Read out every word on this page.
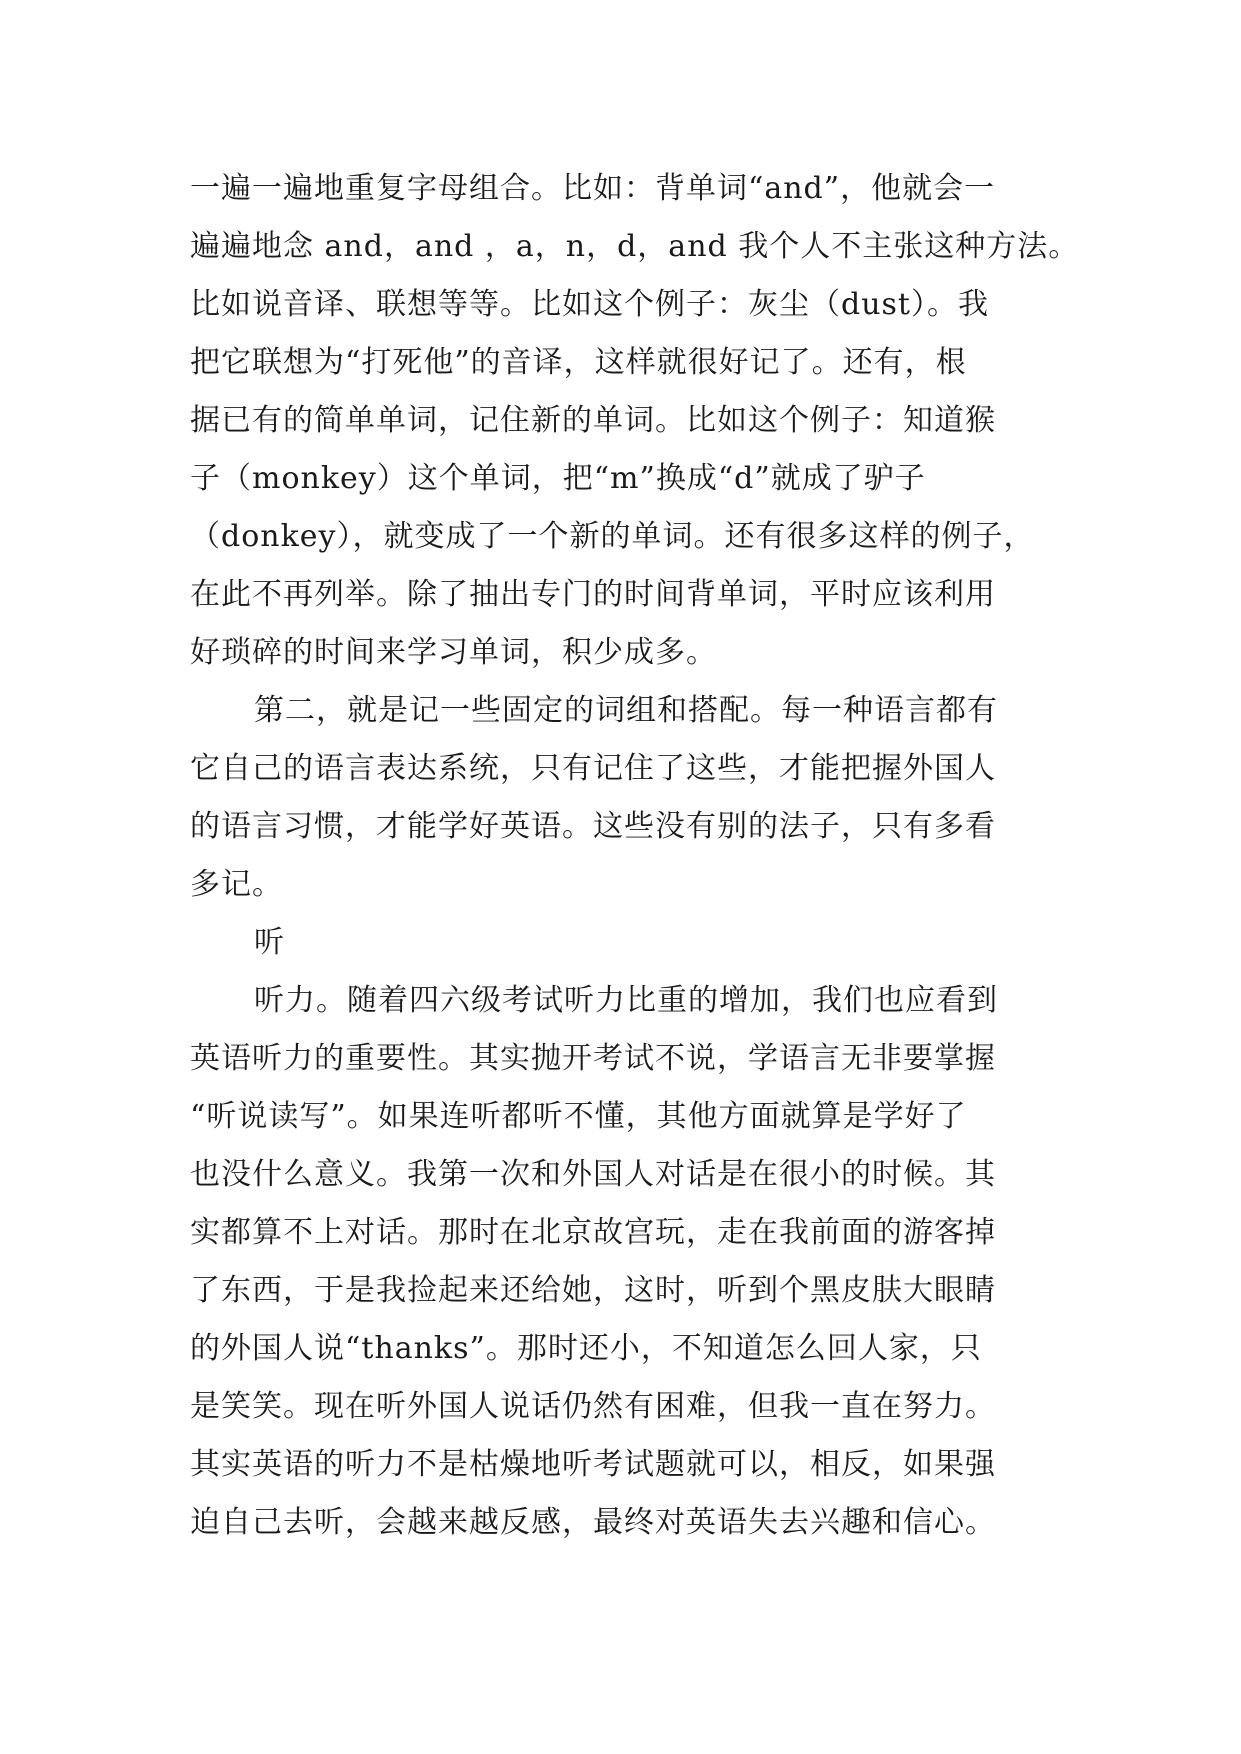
一遍一遍地重复字母组合。比如：背单词“and”，他就会一
遍遍地念 and，and ，a，n，d，and 我个人不主张这种方法。
比如说音译、联想等等。比如这个例子：灰尘（dust）。我
把它联想为“打死他”的音译，这样就很好记了。还有，根
据已有的简单单词，记住新的单词。比如这个例子：知道猴
子（monkey）这个单词，把“m”换成“d”就成了驴子
（donkey），就变成了一个新的单词。还有很多这样的例子，
在此不再列举。除了抽出专门的时间背单词，平时应该利用
好琐碎的时间来学习单词，积少成多。
第二，就是记一些固定的词组和搭配。每一种语言都有
它自己的语言表达系统，只有记住了这些，才能把握外国人
的语言习惯，才能学好英语。这些没有别的法子，只有多看
多记。
听
听力。随着四六级考试听力比重的增加，我们也应看到
英语听力的重要性。其实抛开考试不说，学语言无非要掌握
“听说读写”。如果连听都听不懂，其他方面就算是学好了
也没什么意义。我第一次和外国人对话是在很小的时候。其
实都算不上对话。那时在北京故宫玩，走在我前面的游客掉
了东西，于是我捡起来还给她，这时，听到个黑皮肤大眼睛
的外国人说“thanks”。那时还小，不知道怎么回人家，只
是笑笑。现在听外国人说话仍然有困难，但我一直在努力。
其实英语的听力不是枯燥地听考试题就可以，相反，如果强
迫自己去听，会越来越反感，最终对英语失去兴趣和信心。
